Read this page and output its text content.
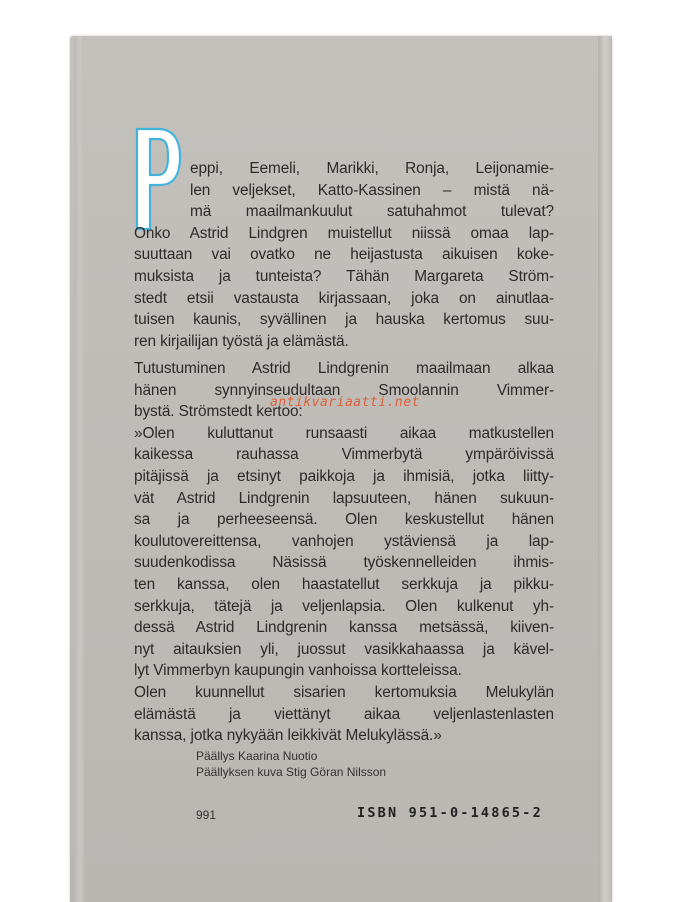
eppi, Eemeli, Marikki, Ronja, Leijonamie-
len veljekset, Katto-Kassinen – mistä nä-
mä maailmankuulut satuhahmot tulevat?
Onko Astrid Lindgren muistellut niissä omaa lap-
suuttaan vai ovatko ne heijastusta aikuisen koke-
muksista ja tunteista? Tähän Margareta Ström-
stedt etsii vastausta kirjassaan, joka on ainutlaa-
tuisen kaunis, syvällinen ja hauska kertomus suu-
ren kirjailijan työstä ja elämästä.
Tutustuminen Astrid Lindgrenin maailmaan alkaa
hänen synnyinseudultaan Smoolannin Vimmer-
bystä. Strömstedt kertoo:
»Olen kuluttanut runsaasti aikaa matkustellen
kaikessa rauhassa Vimmerbytä ympäröivissä
pitäjissä ja etsinyt paikkoja ja ihmisiä, jotka liitty-
vät Astrid Lindgrenin lapsuuteen, hänen sukuun-
sa ja perheeseensä. Olen keskustellut hänen
koulutovereittensa, vanhojen ystäviensä ja lap-
suudenkodissa Näsissä työskennelleiden ihmis-
ten kanssa, olen haastatellut serkkuja ja pikku-
serkkuja, tätejä ja veljenlapsia. Olen kulkenut yh-
dessä Astrid Lindgrenin kanssa metsässä, kiiven-
nyt aitauksien yli, juossut vasikkahaassa ja kävel-
lyt Vimmerbyn kaupungin vanhoissa kortteleissa.
Olen kuunnellut sisarien kertomuksia Melukylän
elämästä ja viettänyt aikaa veljenlastenlasten
kanssa, jotka nykyään leikkivät Melukylässä.»
antikvariaatti.net
Päällys Kaarina Nuotio
Päällyksen kuva Stig Göran Nilsson
991	ISBN 951-0-14865-2
